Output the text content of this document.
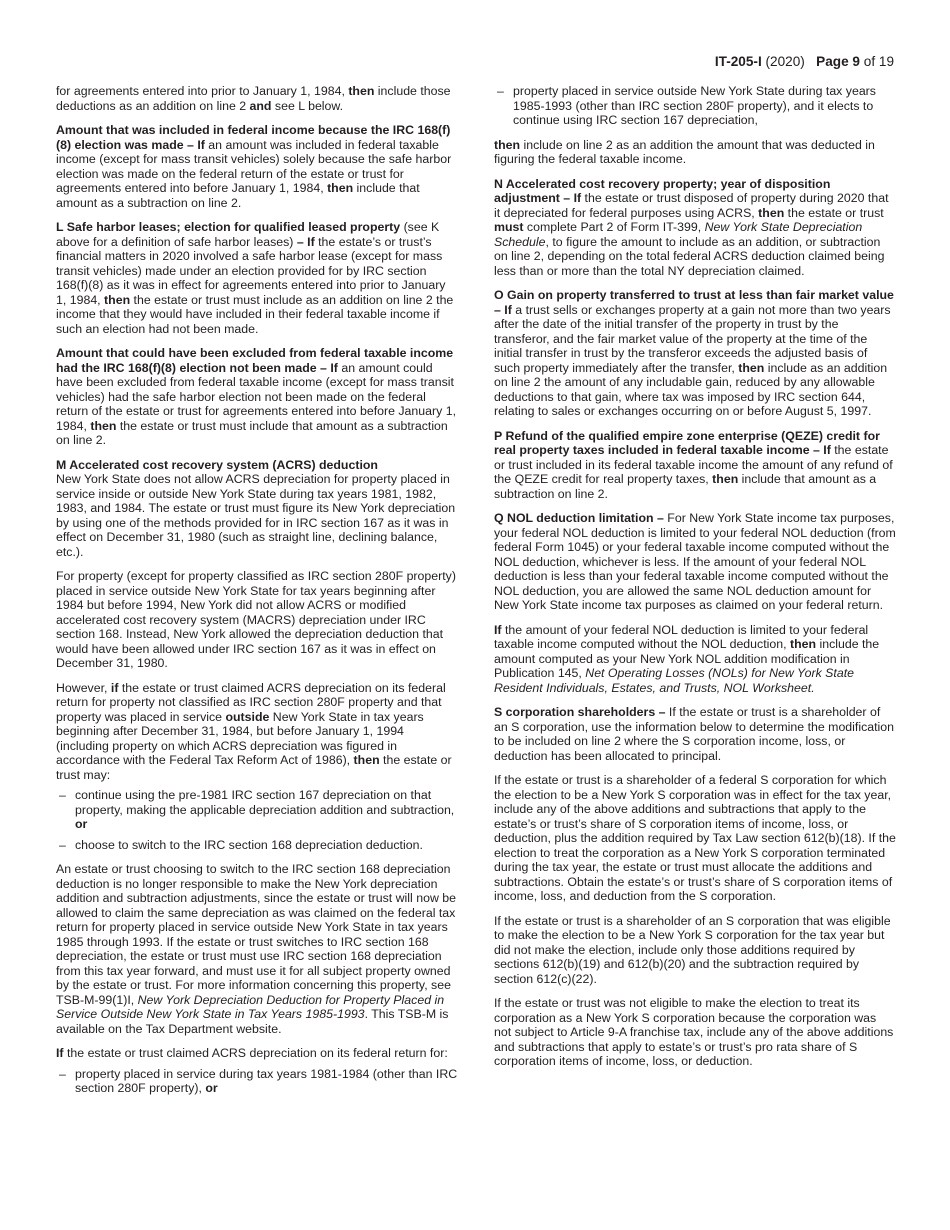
IT-205-I (2020) Page 9 of 19

for agreements entered into prior to January 1, 1984, then include those deductions as an addition on line 2 and see L below.

Amount that was included in federal income because the IRC 168(f)(8) election was made – If an amount was included in federal taxable income (except for mass transit vehicles) solely because the safe harbor election was made on the federal return of the estate or trust for agreements entered into before January 1, 1984, then include that amount as a subtraction on line 2.

L Safe harbor leases; election for qualified leased property (see K above for a definition of safe harbor leases) – If the estate’s or trust’s financial matters in 2020 involved a safe harbor lease (except for mass transit vehicles) made under an election provided for by IRC section 168(f)(8) as it was in effect for agreements entered into prior to January 1, 1984, then the estate or trust must include as an addition on line 2 the income that they would have included in their federal taxable income if such an election had not been made.

Amount that could have been excluded from federal taxable income had the IRC 168(f)(8) election not been made – If an amount could have been excluded from federal taxable income (except for mass transit vehicles) had the safe harbor election not been made on the federal return of the estate or trust for agreements entered into before January 1, 1984, then the estate or trust must include that amount as a subtraction on line 2.

M Accelerated cost recovery system (ACRS) deduction
New York State does not allow ACRS depreciation for property placed in service inside or outside New York State during tax years 1981, 1982, 1983, and 1984. The estate or trust must figure its New York depreciation by using one of the methods provided for in IRC section 167 as it was in effect on December 31, 1980 (such as straight line, declining balance, etc.).

For property (except for property classified as IRC section 280F property) placed in service outside New York State for tax years beginning after 1984 but before 1994, New York did not allow ACRS or modified accelerated cost recovery system (MACRS) depreciation under IRC section 168. Instead, New York allowed the depreciation deduction that would have been allowed under IRC section 167 as it was in effect on December 31, 1980.

However, if the estate or trust claimed ACRS depreciation on its federal return for property not classified as IRC section 280F property and that property was placed in service outside New York State in tax years beginning after December 31, 1984, but before January 1, 1994 (including property on which ACRS depreciation was figured in accordance with the Federal Tax Reform Act of 1986), then the estate or trust may:

– continue using the pre-1981 IRC section 167 depreciation on that property, making the applicable depreciation addition and subtraction, or
– choose to switch to the IRC section 168 depreciation deduction.

An estate or trust choosing to switch to the IRC section 168 depreciation deduction is no longer responsible to make the New York depreciation addition and subtraction adjustments, since the estate or trust will now be allowed to claim the same depreciation as was claimed on the federal tax return for property placed in service outside New York State in tax years 1985 through 1993. If the estate or trust switches to IRC section 168 depreciation, the estate or trust must use IRC section 168 depreciation from this tax year forward, and must use it for all subject property owned by the estate or trust. For more information concerning this property, see TSB-M-99(1)I, New York Depreciation Deduction for Property Placed in Service Outside New York State in Tax Years 1985-1993. This TSB-M is available on the Tax Department website.

If the estate or trust claimed ACRS depreciation on its federal return for:

– property placed in service during tax years 1981-1984 (other than IRC section 280F property), or
– property placed in service outside New York State during tax years 1985-1993 (other than IRC section 280F property), and it elects to continue using IRC section 167 depreciation,

then include on line 2 as an addition the amount that was deducted in figuring the federal taxable income.

N Accelerated cost recovery property; year of disposition adjustment – If the estate or trust disposed of property during 2020 that it depreciated for federal purposes using ACRS, then the estate or trust must complete Part 2 of Form IT-399, New York State Depreciation Schedule, to figure the amount to include as an addition, or subtraction on line 2, depending on the total federal ACRS deduction claimed being less than or more than the total NY depreciation claimed.

O Gain on property transferred to trust at less than fair market value – If a trust sells or exchanges property at a gain not more than two years after the date of the initial transfer of the property in trust by the transferor, and the fair market value of the property at the time of the initial transfer in trust by the transferor exceeds the adjusted basis of such property immediately after the transfer, then include as an addition on line 2 the amount of any includable gain, reduced by any allowable deductions to that gain, where tax was imposed by IRC section 644, relating to sales or exchanges occurring on or before August 5, 1997.

P Refund of the qualified empire zone enterprise (QEZE) credit for real property taxes included in federal taxable income – If the estate or trust included in its federal taxable income the amount of any refund of the QEZE credit for real property taxes, then include that amount as a subtraction on line 2.

Q NOL deduction limitation – For New York State income tax purposes, your federal NOL deduction is limited to your federal NOL deduction (from federal Form 1045) or your federal taxable income computed without the NOL deduction, whichever is less. If the amount of your federal NOL deduction is less than your federal taxable income computed without the NOL deduction, you are allowed the same NOL deduction amount for New York State income tax purposes as claimed on your federal return.

If the amount of your federal NOL deduction is limited to your federal taxable income computed without the NOL deduction, then include the amount computed as your New York NOL addition modification in Publication 145, Net Operating Losses (NOLs) for New York State Resident Individuals, Estates, and Trusts, NOL Worksheet.

S corporation shareholders – If the estate or trust is a shareholder of an S corporation, use the information below to determine the modification to be included on line 2 where the S corporation income, loss, or deduction has been allocated to principal.

If the estate or trust is a shareholder of a federal S corporation for which the election to be a New York S corporation was in effect for the tax year, include any of the above additions and subtractions that apply to the estate’s or trust’s share of S corporation items of income, loss, or deduction, plus the addition required by Tax Law section 612(b)(18). If the election to treat the corporation as a New York S corporation terminated during the tax year, the estate or trust must allocate the additions and subtractions. Obtain the estate’s or trust’s share of S corporation items of income, loss, and deduction from the S corporation.

If the estate or trust is a shareholder of an S corporation that was eligible to make the election to be a New York S corporation for the tax year but did not make the election, include only those additions required by sections 612(b)(19) and 612(b)(20) and the subtraction required by section 612(c)(22).

If the estate or trust was not eligible to make the election to treat its corporation as a New York S corporation because the corporation was not subject to Article 9-A franchise tax, include any of the above additions and subtractions that apply to estate’s or trust’s pro rata share of S corporation items of income, loss, or deduction.
